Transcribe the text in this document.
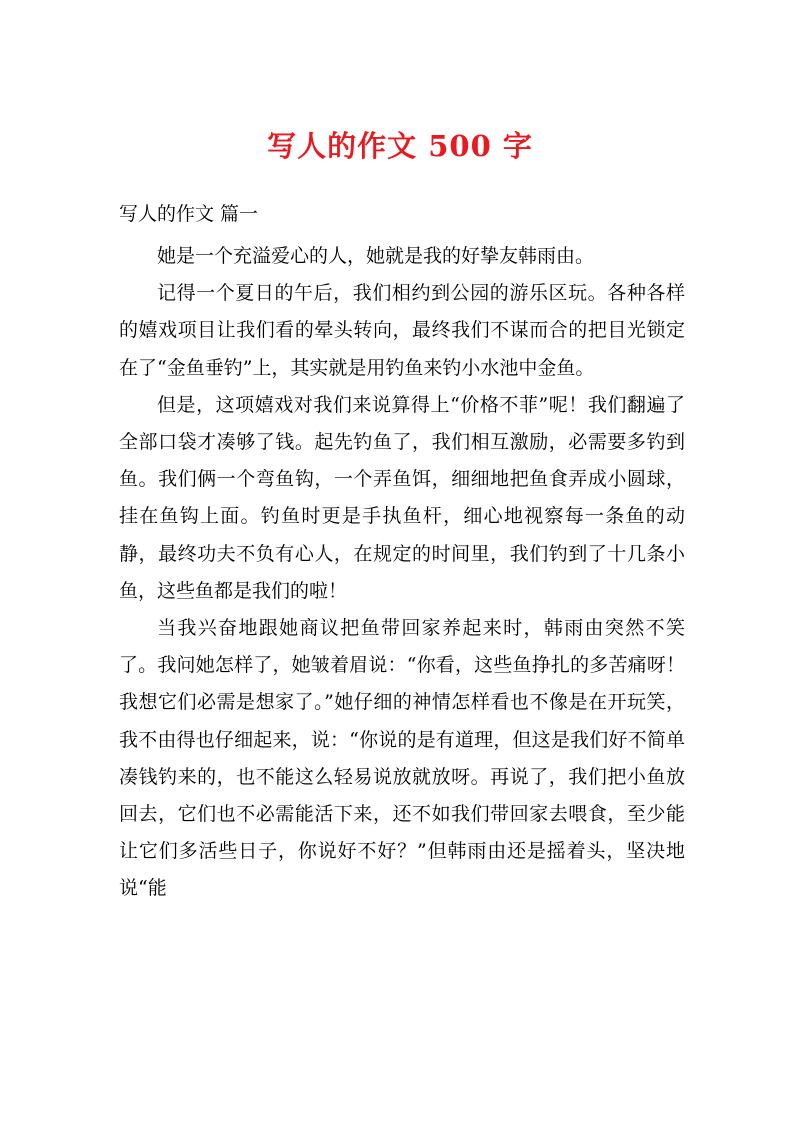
写人的作文 500 字
写人的作文 篇一

她是一个充溢爱心的人，她就是我的好挚友韩雨由。

记得一个夏日的午后，我们相约到公园的游乐区玩。各种各样的嬉戏项目让我们看的晕头转向，最终我们不谋而合的把目光锁定在了“金鱼垂钓”上，其实就是用钓鱼来钓小水池中金鱼。

但是，这项嬉戏对我们来说算得上“价格不菲”呢！我们翻遍了全部口袋才凑够了钱。起先钓鱼了，我们相互激励，必需要多钓到鱼。我们俩一个弯鱼钩，一个弄鱼饵，细细地把鱼食弄成小圆球，挂在鱼钩上面。钓鱼时更是手执鱼杆，细心地视察每一条鱼的动静，最终功夫不负有心人，在规定的时间里，我们钓到了十几条小鱼，这些鱼都是我们的啦！

当我兴奋地跟她商议把鱼带回家养起来时，韩雨由突然不笑了。我问她怎样了，她皱着眉说：“你看，这些鱼挣扎的多苦痛呀！我想它们必需是想家了。”她仔细的神情怎样看也不像是在开玩笑，我不由得也仔细起来，说：“你说的是有道理，但这是我们好不简单凑钱钓来的，也不能这么轻易说放就放呀。再说了，我们把小鱼放回去，它们也不必需能活下来，还不如我们带回家去喂食，至少能让它们多活些日子，你说好不好？”但韩雨由还是摇着头，坚决地说“能
